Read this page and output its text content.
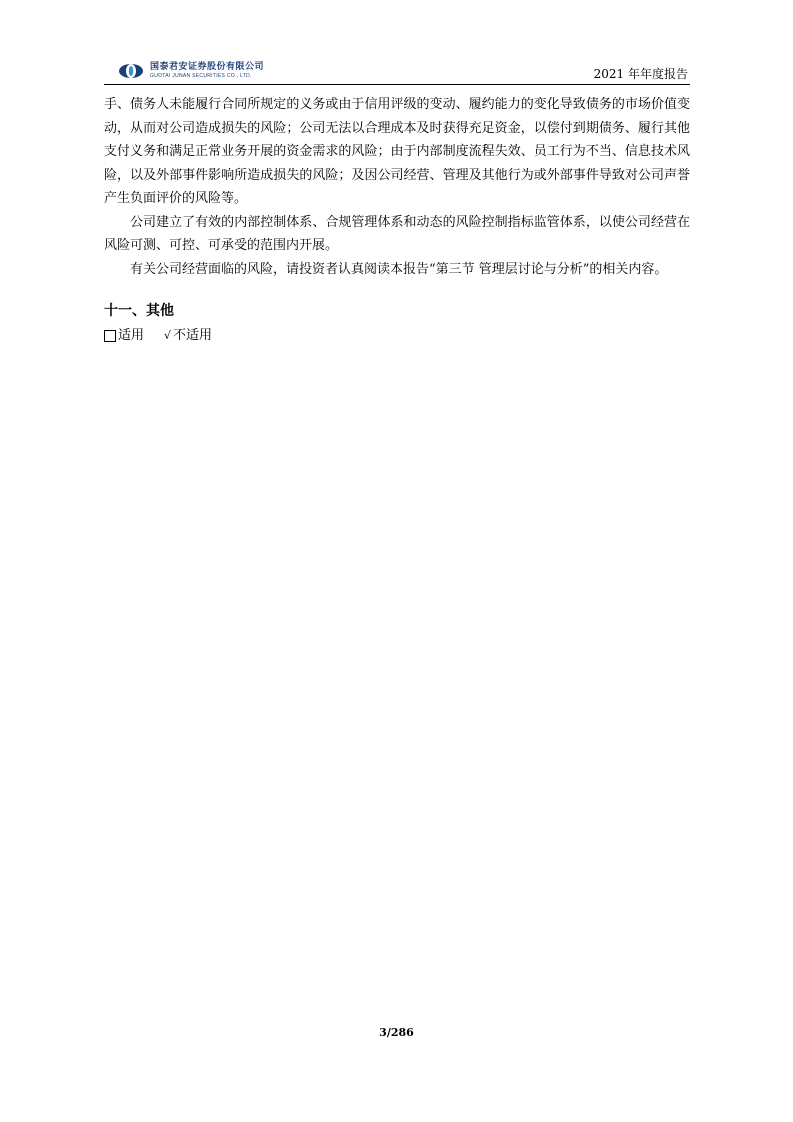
国泰君安证券股份有限公司
GUOTAI JUNAN SECURITIES CO., LTD.	2021 年年度报告

手、债务人未能履行合同所规定的义务或由于信用评级的变动、履约能力的变化导致债务的市场价值变动，从而对公司造成损失的风险；公司无法以合理成本及时获得充足资金，以偿付到期债务、履行其他支付义务和满足正常业务开展的资金需求的风险；由于内部制度流程失效、员工行为不当、信息技术风险，以及外部事件影响所造成损失的风险；及因公司经营、管理及其他行为或外部事件导致对公司声誉产生负面评价的风险等。

公司建立了有效的内部控制体系、合规管理体系和动态的风险控制指标监管体系，以使公司经营在风险可测、可控、可承受的范围内开展。

有关公司经营面临的风险，请投资者认真阅读本报告“第三节 管理层讨论与分析”的相关内容。

十一、其他
适用 √ 不适用
3/286
